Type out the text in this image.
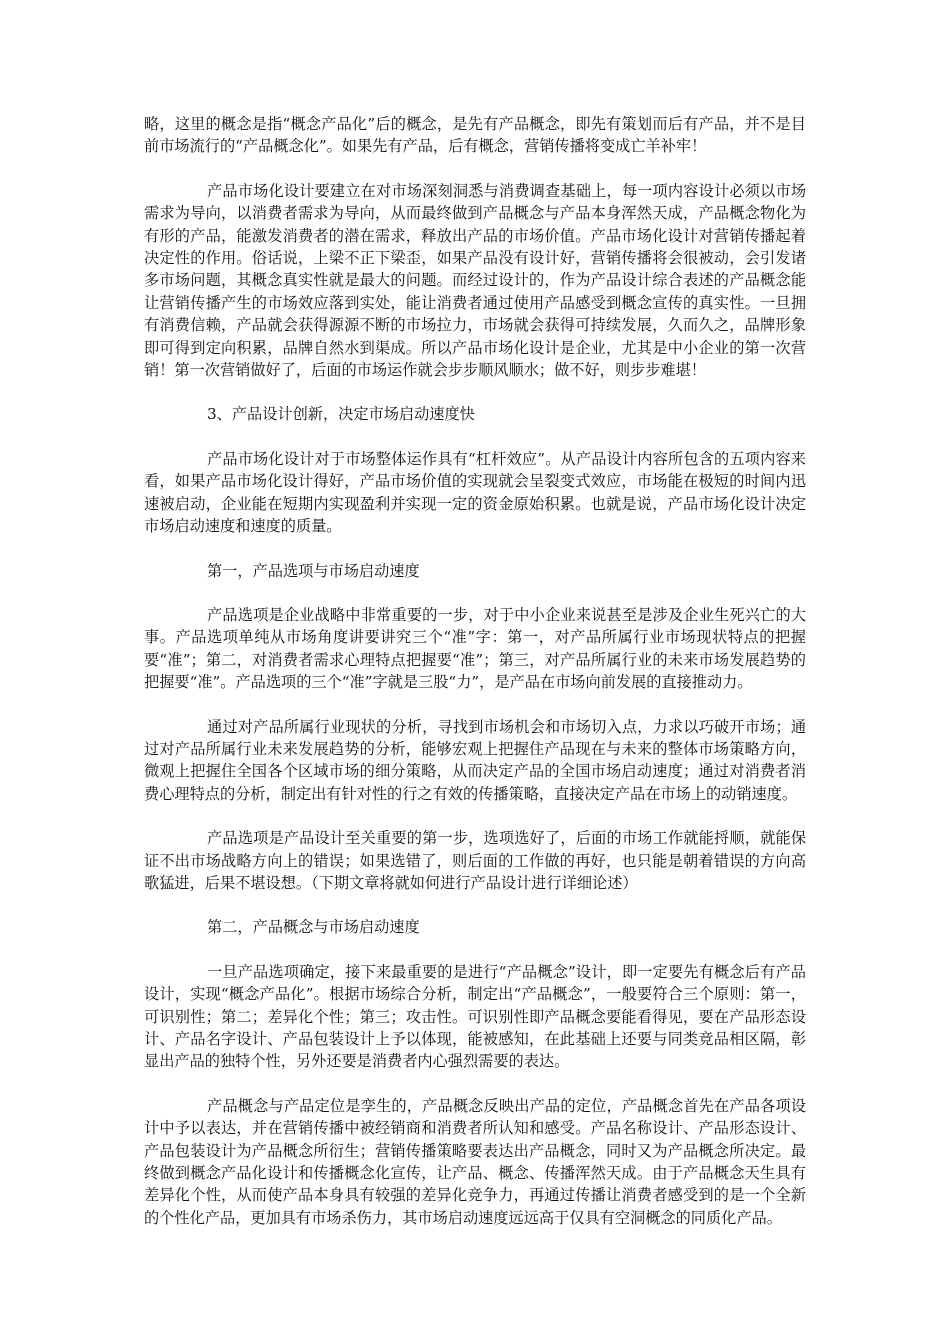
略，这里的概念是指“概念产品化”后的概念，是先有产品概念，即先有策划而后有产品，并不是目前市场流行的“产品概念化”。如果先有产品，后有概念，营销传播将变成亡羊补牢！

产品市场化设计要建立在对市场深刻洞悉与消费调查基础上，每一项内容设计必须以市场需求为导向，以消费者需求为导向，从而最终做到产品概念与产品本身浑然天成，产品概念物化为有形的产品，能激发消费者的潜在需求，释放出产品的市场价值。产品市场化设计对营销传播起着决定性的作用。俗话说，上梁不正下梁歪，如果产品没有设计好，营销传播将会很被动，会引发诸多市场问题，其概念真实性就是最大的问题。而经过设计的，作为产品设计综合表述的产品概念能让营销传播产生的市场效应落到实处，能让消费者通过使用产品感受到概念宣传的真实性。一旦拥有消费信赖，产品就会获得源源不断的市场拉力，市场就会获得可持续发展，久而久之，品牌形象即可得到定向积累，品牌自然水到渠成。所以产品市场化设计是企业，尤其是中小企业的第一次营销！第一次营销做好了，后面的市场运作就会步步顺风顺水；做不好，则步步难堪！

3、产品设计创新，决定市场启动速度快

产品市场化设计对于市场整体运作具有“杠杆效应”。从产品设计内容所包含的五项内容来看，如果产品市场化设计得好，产品市场价值的实现就会呈裂变式效应，市场能在极短的时间内迅速被启动，企业能在短期内实现盈利并实现一定的资金原始积累。也就是说，产品市场化设计决定市场启动速度和速度的质量。

第一，产品选项与市场启动速度

产品选项是企业战略中非常重要的一步，对于中小企业来说甚至是涉及企业生死兴亡的大事。产品选项单纯从市场角度讲要讲究三个“准”字：第一，对产品所属行业市场现状特点的把握要“准”；第二，对消费者需求心理特点把握要“准”；第三，对产品所属行业的未来市场发展趋势的把握要“准”。产品选项的三个“准”字就是三股“力”，是产品在市场向前发展的直接推动力。

通过对产品所属行业现状的分析，寻找到市场机会和市场切入点，力求以巧破开市场；通过对产品所属行业未来发展趋势的分析，能够宏观上把握住产品现在与未来的整体市场策略方向，微观上把握住全国各个区域市场的细分策略，从而决定产品的全国市场启动速度；通过对消费者消费心理特点的分析，制定出有针对性的行之有效的传播策略，直接决定产品在市场上的动销速度。

产品选项是产品设计至关重要的第一步，选项选好了，后面的市场工作就能捋顺，就能保证不出市场战略方向上的错误；如果选错了，则后面的工作做的再好，也只能是朝着错误的方向高歌猛进，后果不堪设想。（下期文章将就如何进行产品设计进行详细论述）

第二，产品概念与市场启动速度

一旦产品选项确定，接下来最重要的是进行“产品概念”设计，即一定要先有概念后有产品设计，实现“概念产品化”。根据市场综合分析，制定出“产品概念”，一般要符合三个原则：第一，可识别性；第二；差异化个性；第三；攻击性。可识别性即产品概念要能看得见，要在产品形态设计、产品名字设计、产品包装设计上予以体现，能被感知，在此基础上还要与同类竞品相区隔，彰显出产品的独特个性，另外还要是消费者内心强烈需要的表达。

产品概念与产品定位是孪生的，产品概念反映出产品的定位，产品概念首先在产品各项设计中予以表达，并在营销传播中被经销商和消费者所认知和感受。产品名称设计、产品形态设计、产品包装设计为产品概念所衍生；营销传播策略要表达出产品概念，同时又为产品概念所决定。最终做到概念产品化设计和传播概念化宣传，让产品、概念、传播浑然天成。由于产品概念天生具有差异化个性，从而使产品本身具有较强的差异化竞争力，再通过传播让消费者感受到的是一个全新的个性化产品，更加具有市场杀伤力，其市场启动速度远远高于仅具有空洞概念的同质化产品。
